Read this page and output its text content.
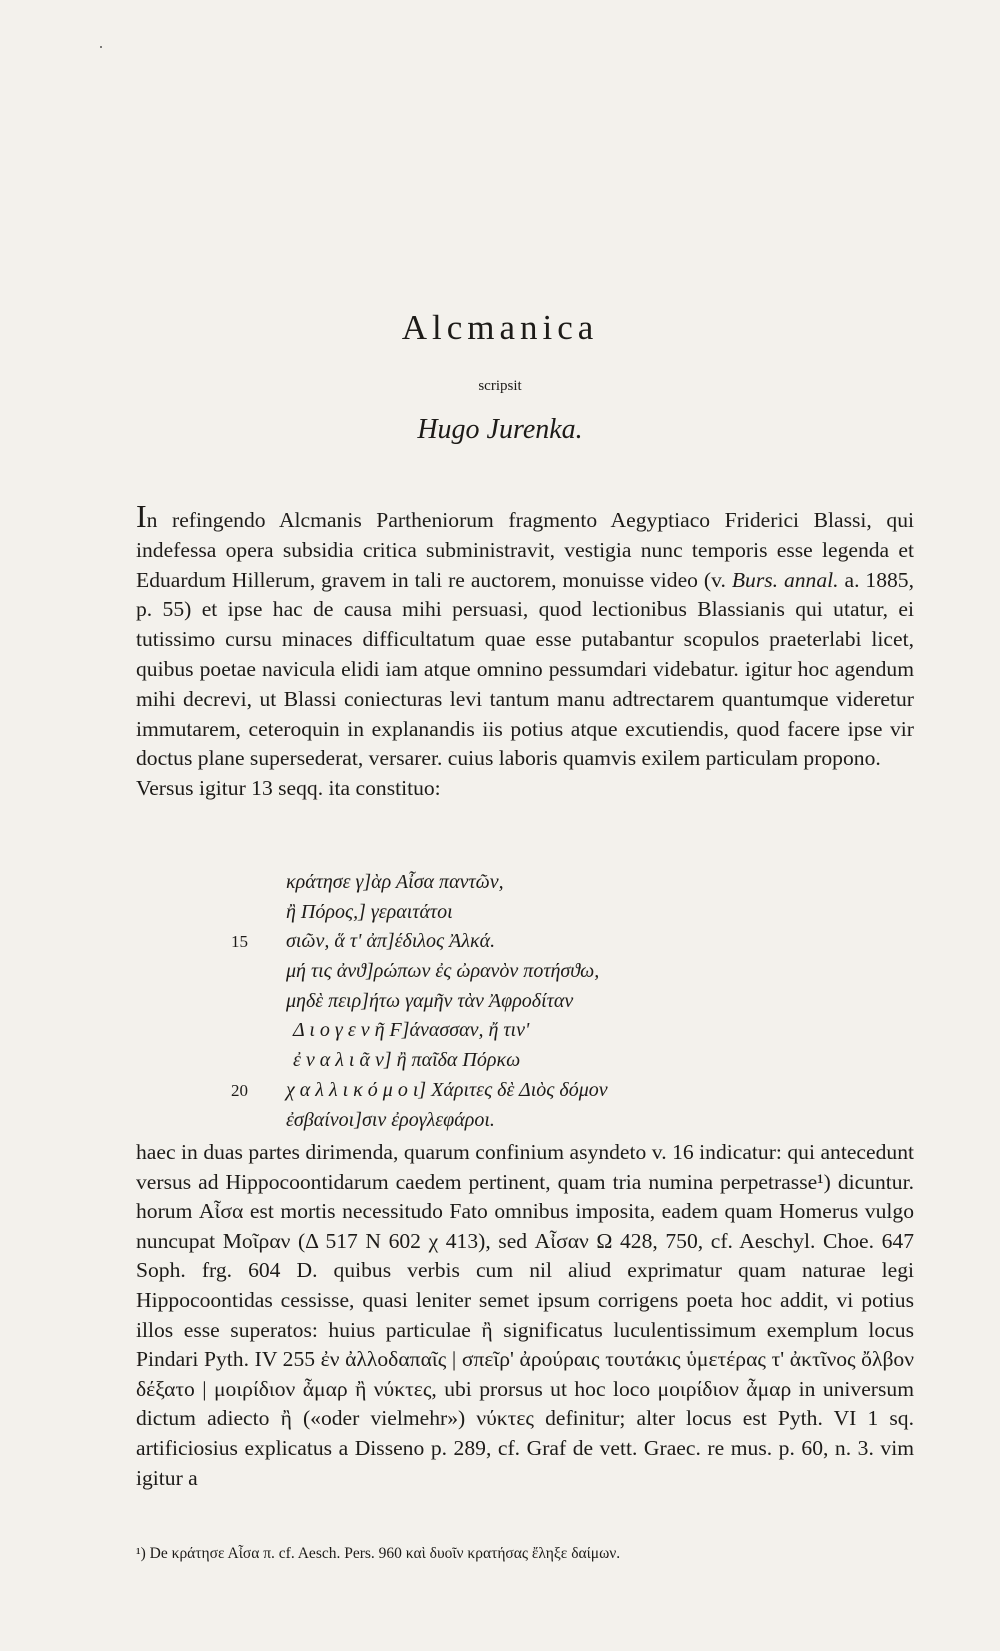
Alcmanica
scripsit
Hugo Jurenka.

In refingendo Alcmanis Partheniorum fragmento Aegyptiaco Friderici Blassi, qui indefessa opera subsidia critica subministravit, vestigia nunc temporis esse legenda et Eduardum Hillerum, gravem in tali re auctorem, monuisse video (v. Burs. annal. a. 1885, p. 55) et ipse hac de causa mihi persuasi, quod lectionibus Blassianis qui utatur, ei tutissimo cursu minaces difficultatum quae esse putabantur scopulos praeterlabi licet, quibus poetae navicula elidi iam atque omnino pessumdari videbatur. igitur hoc agendum mihi decrevi, ut Blassi coniecturas levi tantum manu adtrectarem quantumque videretur immutarem, ceteroquin in explanandis iis potius atque excutiendis, quod facere ipse vir doctus plane supersederat, versarer. cuius laboris quamvis exilem particulam propono.

Versus igitur 13 seqq. ita constituo:

κράτησε γ]ὰρ Αἶσα παντῶν,
ἢ Πόρος,] γεραιτάτοι
15 σιῶν, ἅ τ' ἀπ]έδιλος Ἀλκά.
μή τις ἀνϑ]ρώπων ἐς ὠρανὸν ποτήσϑω,
μηδὲ πειρ]ήτω γαμῆν τὰν Ἀφροδίταν
Δ ι ο γ ε ν ῆ Ϝ]άνασσαν, ἤ τιν'
ἐ ν α λ ι ᾶ ν] ἢ παῖδα Πόρκω
20 χ α λ λ ι κ ό μ ο ι] Χάριτες δὲ Διὸς δόμον
ἐσβαίνοι]σιν ἐρογλεφάροι.

haec in duas partes dirimenda, quarum confinium asyndeto v. 16 indicatur: qui antecedunt versus ad Hippocoontidarum caedem pertinent, quam tria numina perpetrasse¹) dicuntur. horum Αἶσα est mortis necessitudo Fato omnibus imposita, eadem quam Homerus vulgo nuncupat Μοῖραν (Δ 517 Ν 602 χ 413), sed Αἶσαν Ω 428, 750, cf. Aeschyl. Choe. 647 Soph. frg. 604 D. quibus verbis cum nil aliud exprimatur quam naturae legi Hippocoontidas cessisse, quasi leniter semet ipsum corrigens poeta hoc addit, vi potius illos esse superatos: huius particulae ἢ significatus luculentissimum exemplum locus Pindari Pyth. IV 255 ἐν ἀλλοδαπαῖς | σπεῖρ' ἀρούραις τουτάκις ὑμετέρας τ' ἀκτῖνος ὄλβον δέξατο | μοιρίδιον ἆμαρ ἢ νύκτες, ubi prorsus ut hoc loco μοιρίδιον ἆμαρ in universum dictum adiecto ἢ («oder vielmehr») νύκτες definitur; alter locus est Pyth. VI 1 sq. artificiosius explicatus a Disseno p. 289, cf. Graf de vett. Graec. re mus. p. 60, n. 3. vim igitur a

¹) De κράτησε Αἶσα π. cf. Aesch. Pers. 960 καὶ δυοῖν κρατήσας ἔληξε δαίμων.
